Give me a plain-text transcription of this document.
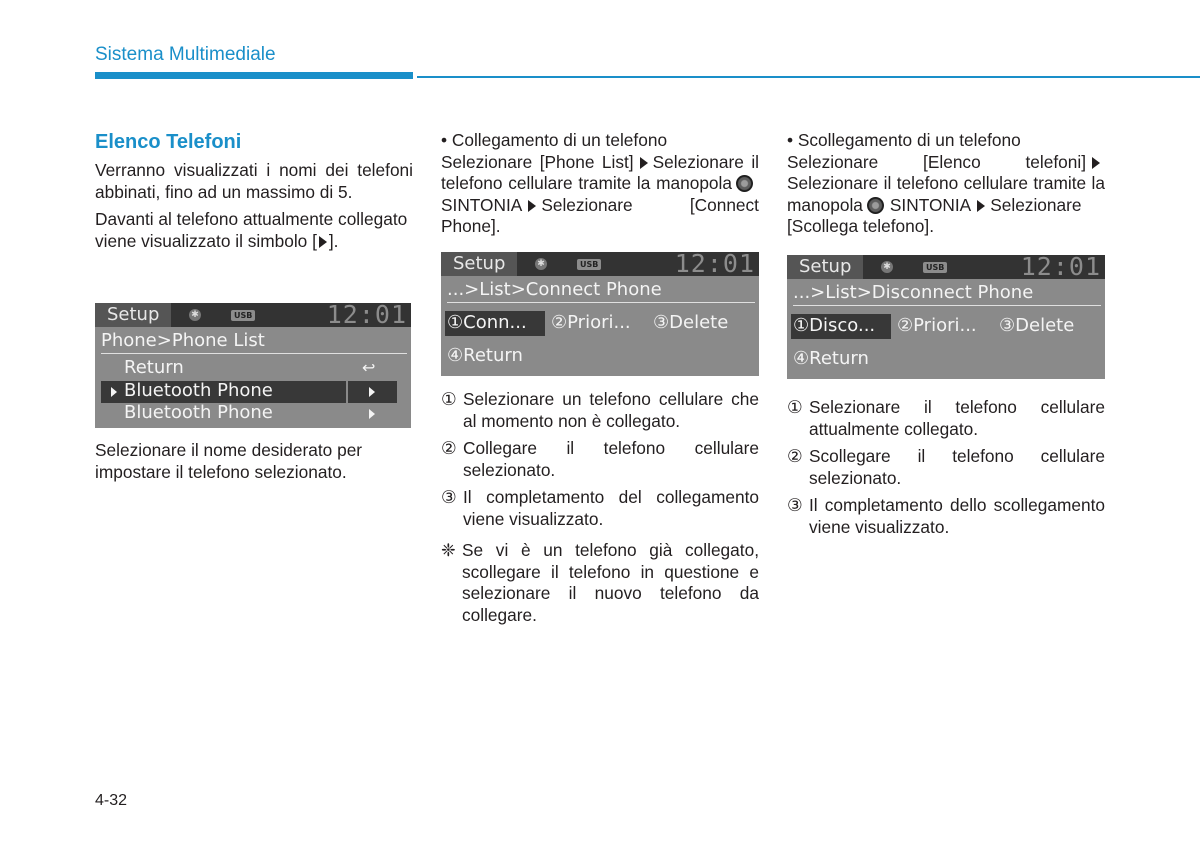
Sistema Multimediale
Elenco Telefoni

Verranno visualizzati i nomi dei telefoni abbinati, fino ad un massimo di 5.

Davanti al telefono attualmente collegato viene visualizzato il simbolo [ ].

Setup	✱	USB	12:01
Phone>Phone List
Return	↩
Bluetooth Phone
Bluetooth Phone

Selezionare il nome desiderato per impostare il telefono selezionato.

• Collegamento di un telefono

Selezionare [Phone List] Selezionare il telefono cellulare tramite la manopolaSINTONIA Selezionare [Connect Phone].

Setup	✱	USB	12:01
...>List>Connect Phone
①Conn... ②Priori... ③Delete
④Return
① Selezionare un telefono cellulare che al momento non è collegato.
② Collegare il telefono cellulare selezionato.
③ Il completamento del collegamento viene visualizzato.
❈ Se vi è un telefono già collegato, scollegare il telefono in questione e selezionare il nuovo telefono da collegare.

• Scollegamento di un telefono

Selezionare [Elenco telefoni]Selezionare il telefono cellulare tramite la manopola SINTONIA Selezionare [Scollega telefono].

Setup	✱	USB	12:01
...>List>Disconnect Phone
①Disco... ②Priori... ③Delete
④Return
① Selezionare il telefono cellulare attualmente collegato.
② Scollegare il telefono cellulare selezionato.
③ Il completamento dello scollegamento viene visualizzato.
4-32
